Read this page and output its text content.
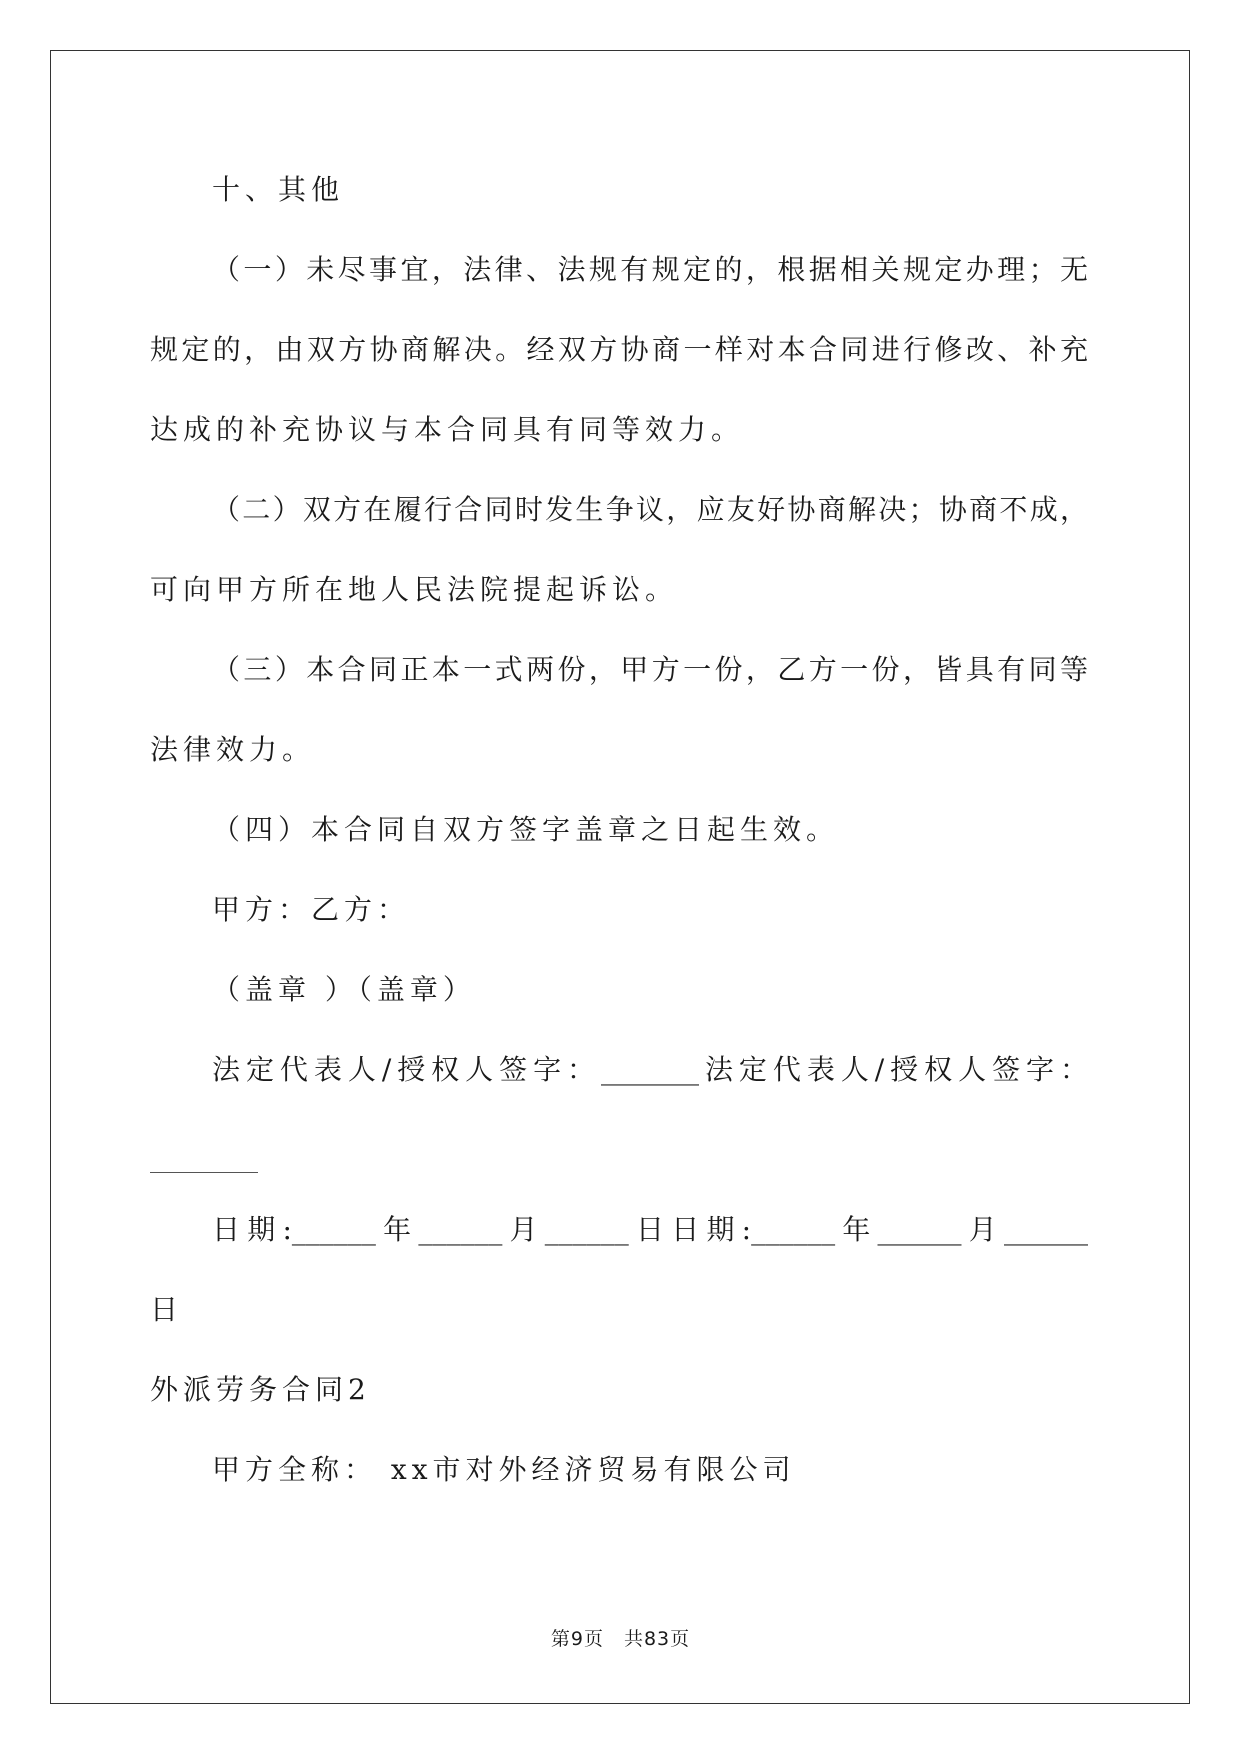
十、其他

（一）未尽事宜，法律、法规有规定的，根据相关规定办理；无

规定的，由双方协商解决。经双方协商一样对本合同进行修改、补充

达成的补充协议与本合同具有同等效力。

（二）双方在履行合同时发生争议，应友好协商解决；协商不成，

可向甲方所在地人民法院提起诉讼。

（三）本合同正本一式两份，甲方一份，乙方一份，皆具有同等

法律效力。

（四）本合同自双方签字盖章之日起生效。

甲方：乙方：

（盖章 ）（盖章）

法定代表人/授权人签字：_______法定代表人/授权人签字：

日期:______年______月______日日期:______年______月______

日

外派劳务合同2

甲方全称： xx市对外经济贸易有限公司

第9页　共83页
